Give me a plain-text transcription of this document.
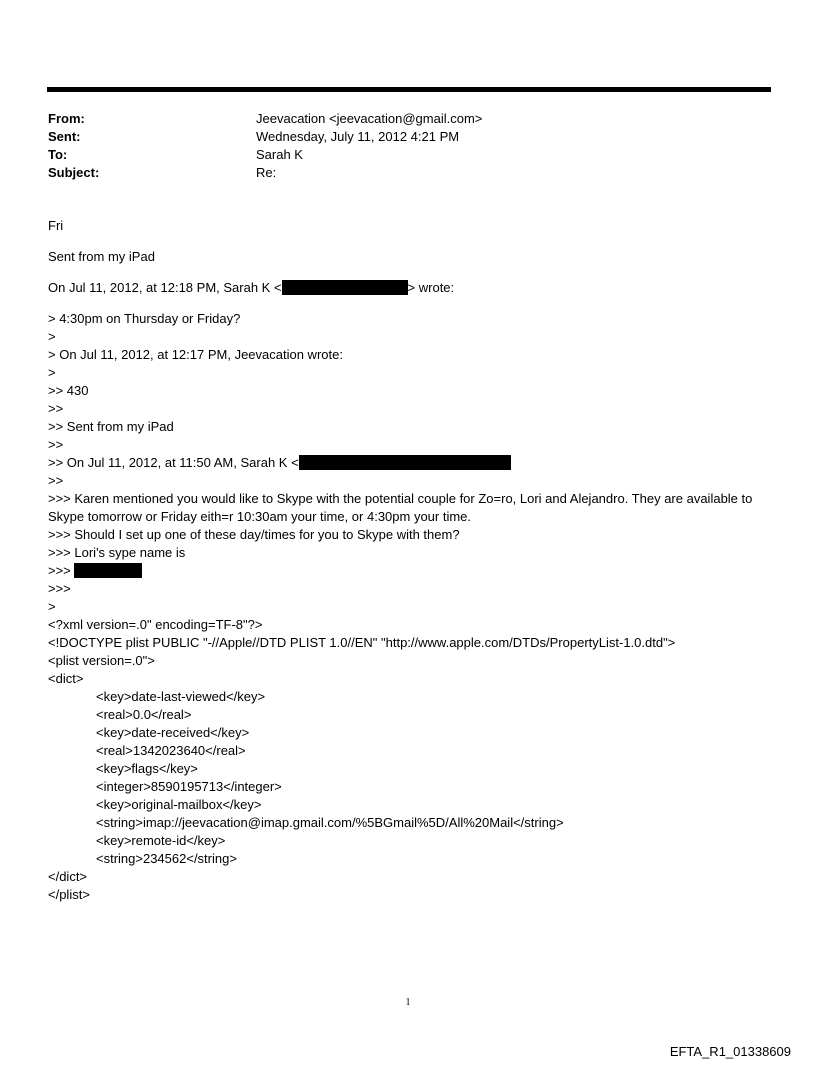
From:	Jeevacation <jeevacation@gmail.com>
Sent:	Wednesday, July 11, 2012 4:21 PM
To:	Sarah K
Subject:	Re:
Fri
Sent from my iPad
On Jul 11, 2012, at 12:18 PM, Sarah K <	> wrote:
> 4:30pm on Thursday or Friday?
>
> On Jul 11, 2012, at 12:17 PM, Jeevacation wrote:
>
>> 430
>>
>> Sent from my iPad
>>
>> On Jul 11, 2012, at 11:50 AM, Sarah K <
>>
>>> Karen mentioned you would like to Skype with the potential couple for Zo=ro, Lori and Alejandro. They are available to Skype tomorrow or Friday eith=r 10:30am your time, or 4:30pm your time.
>>> Should I set up one of these day/times for you to Skype with them?
>>> Lori's sype name is
>>>
>>>
>
<?xml version=.0" encoding=TF-8"?>
<!DOCTYPE plist PUBLIC "-//Apple//DTD PLIST 1.0//EN" "http://www.apple.com/DTDs/PropertyList-1.0.dtd">
<plist version=.0">
<dict>
<key>date-last-viewed</key>
<real>0.0</real>
<key>date-received</key>
<real>1342023640</real>
<key>flags</key>
<integer>8590195713</integer>
<key>original-mailbox</key>
<string>imap://jeevacation@imap.gmail.com/%5BGmail%5D/All%20Mail</string>
<key>remote-id</key>
<string>234562</string>
</dict>
</plist>
1
EFTA_R1_01338609
